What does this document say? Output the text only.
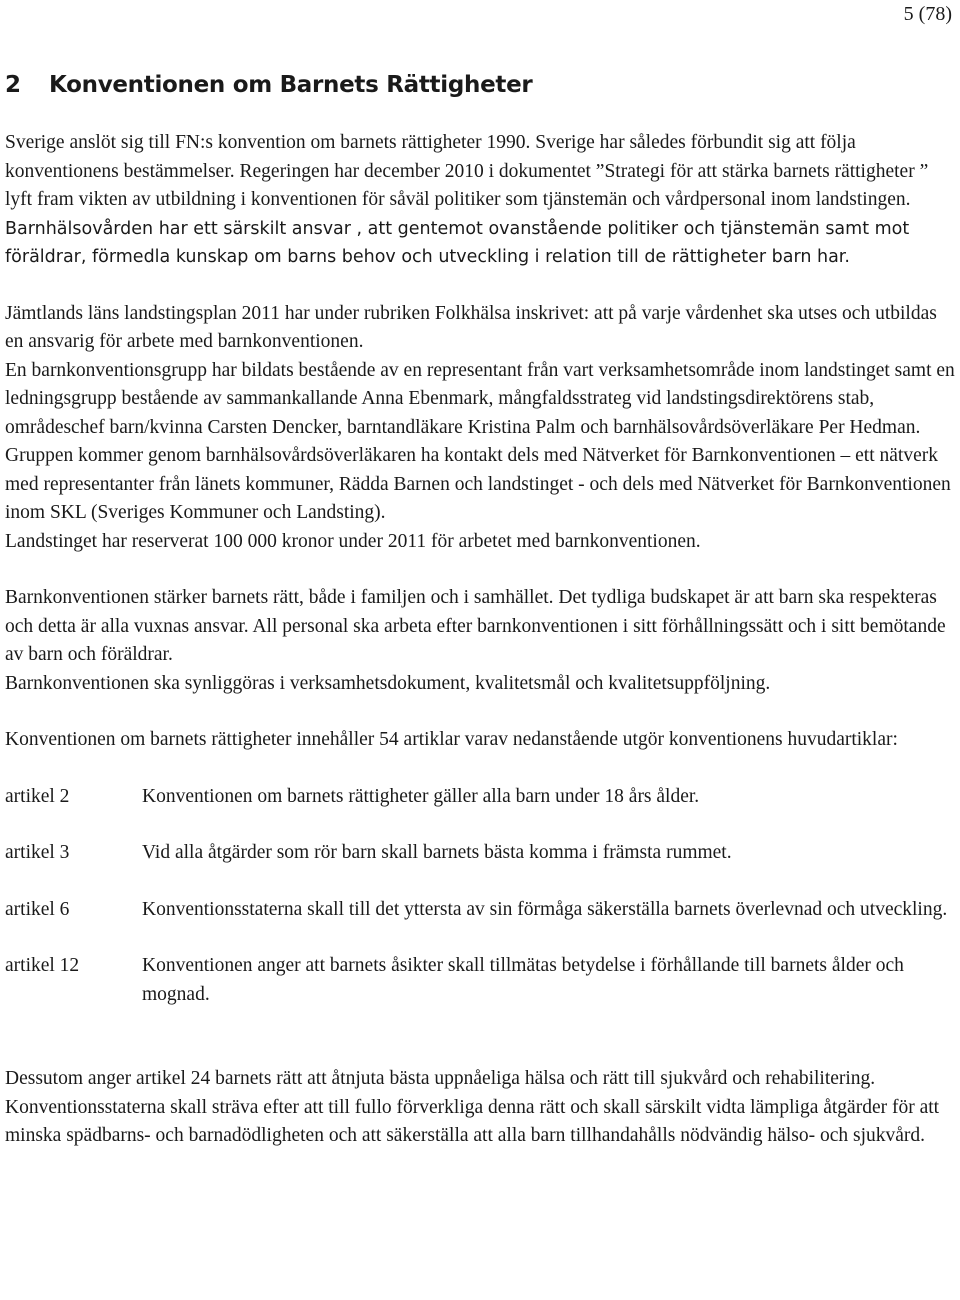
5 (78)
2 Konventionen om Barnets Rättigheter

Sverige anslöt sig till FN:s konvention om barnets rättigheter 1990. Sverige har således förbundit sig att följa konventionens bestämmelser. Regeringen har december 2010 i dokumentet ”Strategi för att stärka barnets rättigheter ” lyft fram vikten av utbildning i konventionen för såväl politiker som tjänstemän och vårdpersonal inom landstingen. Barnhälsovården har ett särskilt ansvar , att gentemot ovanstående politiker och tjänstemän samt mot föräldrar, förmedla kunskap om barns behov och utveckling i relation till de rättigheter barn har.

Jämtlands läns landstingsplan 2011 har under rubriken Folkhälsa inskrivet: att på varje vårdenhet ska utses och utbildas en ansvarig för arbete med barnkonventionen.

En barnkonventionsgrupp har bildats bestående av en representant från vart verksamhetsområde inom landstinget samt en ledningsgrupp bestående av sammankallande Anna Ebenmark, mångfaldsstrateg vid landstingsdirektörens stab, områdeschef barn/kvinna Carsten Dencker, barntandläkare Kristina Palm och barnhälsovårdsöverläkare Per Hedman. Gruppen kommer genom barnhälsovårdsöverläkaren ha kontakt dels med Nätverket för Barnkonventionen – ett nätverk med representanter från länets kommuner, Rädda Barnen och landstinget - och dels med Nätverket för Barnkonventionen inom SKL (Sveriges Kommuner och Landsting).

Landstinget har reserverat 100 000 kronor under 2011 för arbetet med barnkonventionen.

Barnkonventionen stärker barnets rätt, både i familjen och i samhället. Det tydliga budskapet är att barn ska respekteras och detta är alla vuxnas ansvar. All personal ska arbeta efter barnkonventionen i sitt förhållningssätt och i sitt bemötande av barn och föräldrar.

Barnkonventionen ska synliggöras i verksamhetsdokument, kvalitetsmål och kvalitetsuppföljning.

Konventionen om barnets rättigheter innehåller 54 artiklar varav nedanstående utgör konventionens huvudartiklar:

artikel 2	Konventionen om barnets rättigheter gäller alla barn under 18 års ålder.
artikel 3	Vid alla åtgärder som rör barn skall barnets bästa komma i främsta rummet.
artikel 6	Konventionsstaterna skall till det yttersta av sin förmåga säkerställa barnets överlevnad och utveckling.
artikel 12	Konventionen anger att barnets åsikter skall tillmätas betydelse i förhållande till barnets ålder och mognad.

Dessutom anger artikel 24 barnets rätt att åtnjuta bästa uppnåeliga hälsa och rätt till sjukvård och rehabilitering. Konventionsstaterna skall sträva efter att till fullo förverkliga denna rätt och skall särskilt vidta lämpliga åtgärder för att minska spädbarns- och barnadödligheten och att säkerställa att alla barn tillhandahålls nödvändig hälso- och sjukvård.
